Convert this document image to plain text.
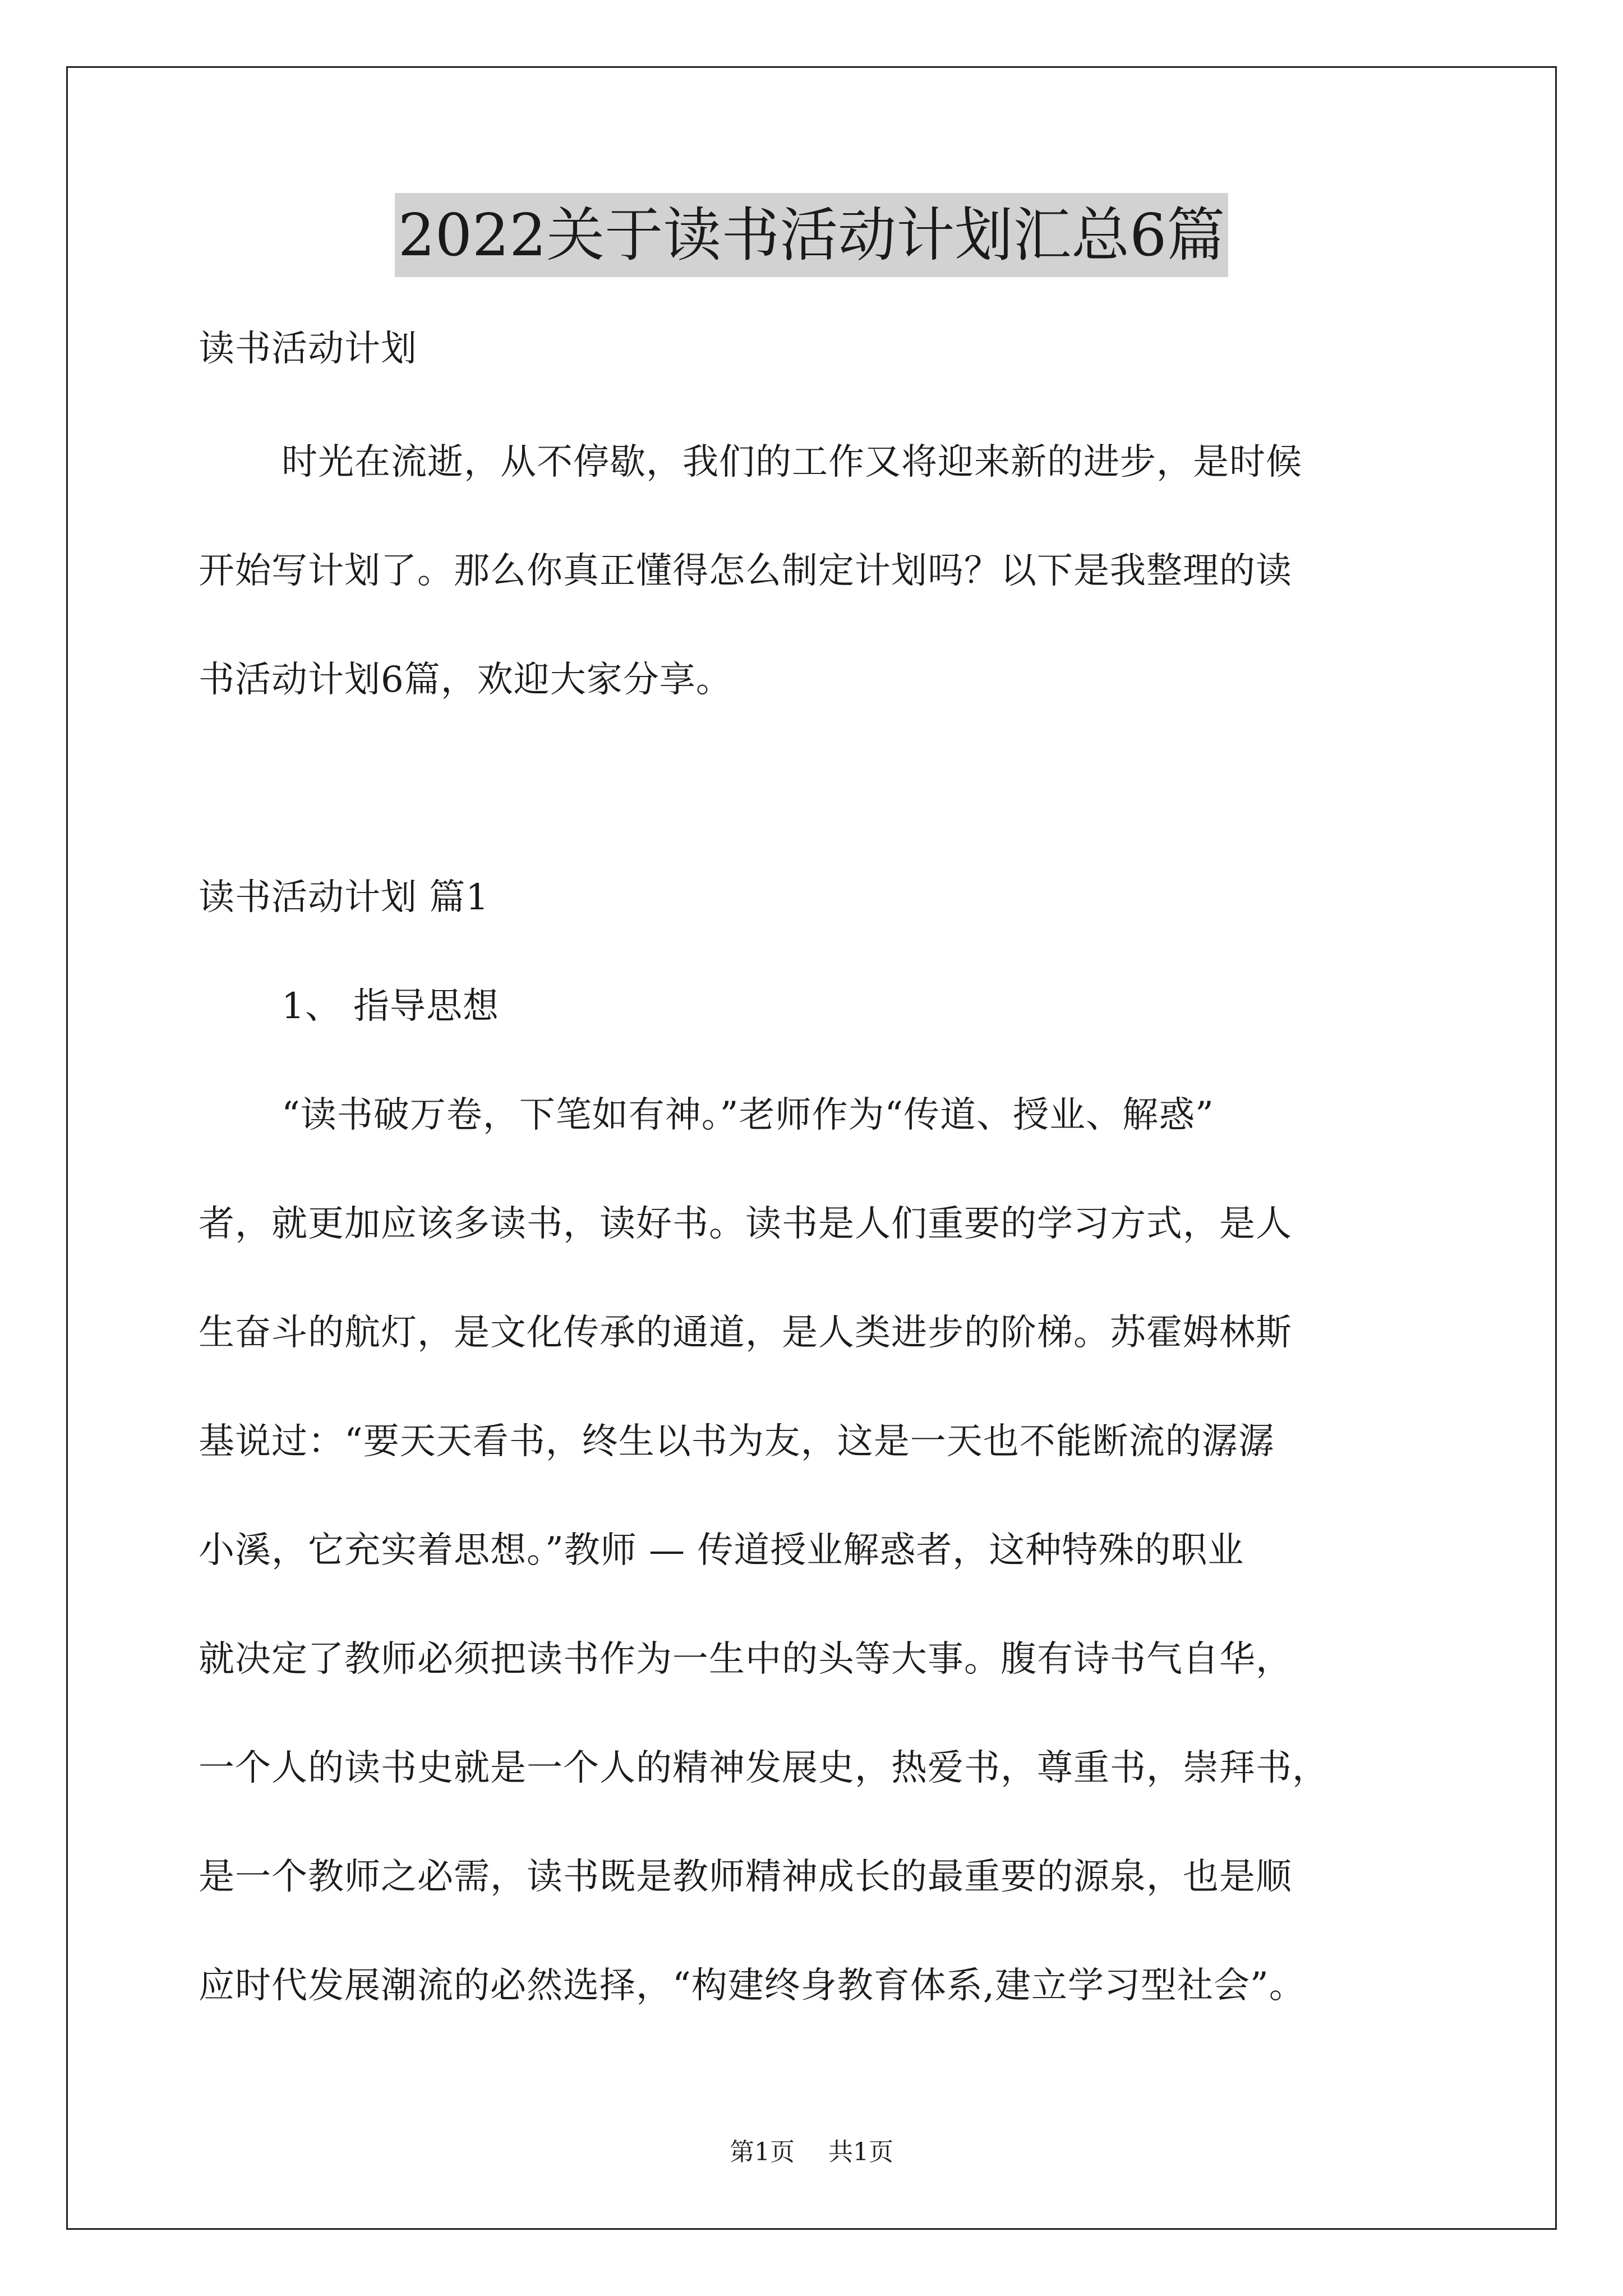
2022关于读书活动计划汇总6篇
读书活动计划
时光在流逝，从不停歇，我们的工作又将迎来新的进步，是时候
开始写计划了。那么你真正懂得怎么制定计划吗？以下是我整理的读
书活动计划6篇，欢迎大家分享。
读书活动计划 篇1
1、 指导思想
“读书破万卷，下笔如有神。”老师作为“传道、授业、解惑”
者，就更加应该多读书，读好书。读书是人们重要的学习方式，是人
生奋斗的航灯，是文化传承的通道，是人类进步的阶梯。苏霍姆林斯
基说过：“要天天看书，终生以书为友，这是一天也不能断流的潺潺
小溪，它充实着思想。”教师 — 传道授业解惑者，这种特殊的职业
就决定了教师必须把读书作为一生中的头等大事。腹有诗书气自华，
一个人的读书史就是一个人的精神发展史，热爱书，尊重书，崇拜书，
是一个教师之必需，读书既是教师精神成长的最重要的源泉，也是顺
应时代发展潮流的必然选择，“构建终身教育体系,建立学习型社会”。
第1页 共1页
